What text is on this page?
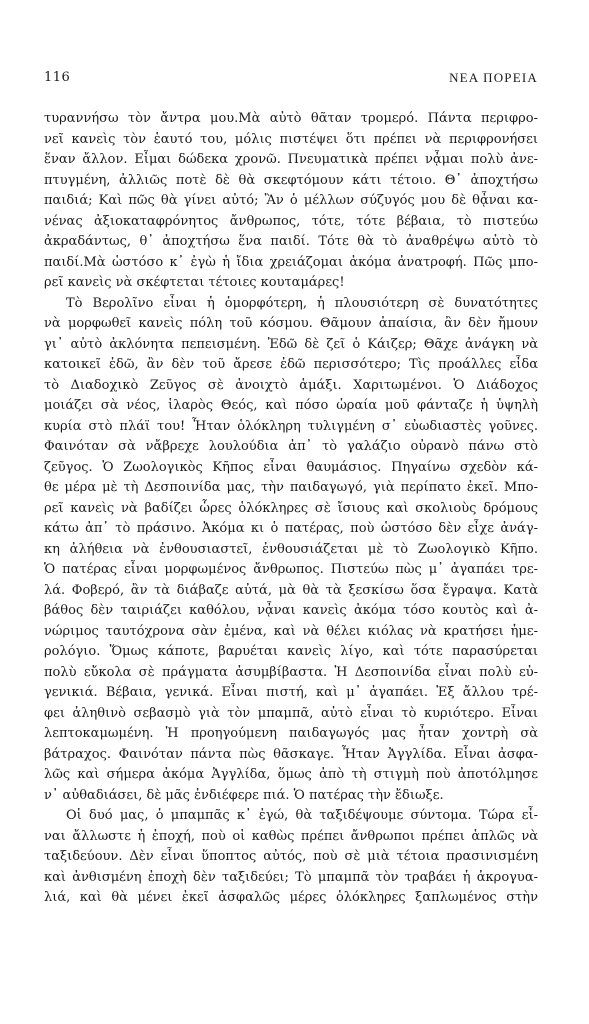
116	ΝΕΑ ΠΟΡΕΙΑ
τυραννήσω τὸν ἄντρα μου.Μὰ αὐτὸ θᾶταν τρομερό. Πάντα περιφρο-
νεῖ κανεὶς τὸν ἑαυτό του, μόλις πιστέψει ὅτι πρέπει νὰ περιφρονήσει
ἕναν ἄλλον. Εἶμαι δώδεκα χρονῶ. Πνευματικὰ πρέπει νᾆμαι πολὺ ἀνε-
πτυγμένη, ἀλλιῶς ποτὲ δὲ θὰ σκεφτόμουν κάτι τέτοιο. Θ᾽ ἀποχτήσω
παιδιά; Καὶ πῶς θὰ γίνει αὐτό; Ἂν ὁ μέλλων σύζυγός μου δὲ θᾆναι κα-
νένας ἀξιοκαταφρόνητος ἄνθρωπος, τότε, τότε βέβαια, τὸ πιστεύω
ἀκραδάντως, θ᾽ ἀποχτήσω ἕνα παιδί. Τότε θὰ τὸ ἀναθρέψω αὐτὸ τὸ
παιδί.Μὰ ὡστόσο κ᾽ ἐγὼ ἡ ἴδια χρειάζομαι ἀκόμα ἀνατροφή. Πῶς μπο-
ρεῖ κανεὶς νὰ σκέφτεται τέτοιες κουταμάρες!
Τὸ Βερολῖνο εἶναι ἡ ὁμορφότερη, ἡ πλουσιότερη σὲ δυνατότητες
νὰ μορφωθεῖ κανεὶς πόλη τοῦ κόσμου. Θᾶμουν ἀπαίσια, ἂν δὲν ἤμουν
γι᾽ αὐτὸ ἀκλόνητα πεπεισμένη. Ἐδῶ δὲ ζεῖ ὁ Κάιζερ; Θᾶχε ἀνάγκη νὰ
κατοικεῖ ἐδῶ, ἂν δὲν τοῦ ἄρεσε ἐδῶ περισσότερο; Τὶς προάλλες εἶδα
τὸ Διαδοχικὸ Ζεῦγος σὲ ἀνοιχτὸ ἁμάξι. Χαριτωμένοι. Ὁ Διάδοχος
μοιάζει σὰ νέος, ἱλαρὸς Θεός, καὶ πόσο ὡραία μοῦ φάνταζε ἡ ὑψηλὴ
κυρία στὸ πλάϊ του! Ἦταν ὁλόκληρη τυλιγμένη σ᾽ εὐωδιαστὲς γοῦνες.
Φαινόταν σὰ νἄβρεχε λουλούδια ἀπ᾽ τὸ γαλάζιο οὐρανὸ πάνω στὸ
ζεῦγος. Ὁ Ζωολογικὸς Κῆπος εἶναι θαυμάσιος. Πηγαίνω σχεδὸν κά-
θε μέρα μὲ τὴ Δεσποινίδα μας, τὴν παιδαγωγό, γιὰ περίπατο ἐκεῖ. Μπο-
ρεῖ κανεὶς νὰ βαδίζει ὧρες ὁλόκληρες σὲ ἴσιους καὶ σκολιοὺς δρόμους
κάτω ἀπ᾽ τὸ πράσινο. Ἀκόμα κι ὁ πατέρας, ποὺ ὡστόσο δὲν εἶχε ἀνάγ-
κη ἀλήθεια νὰ ἐνθουσιαστεῖ, ἐνθουσιάζεται μὲ τὸ Ζωολογικὸ Κῆπο.
Ὁ πατέρας εἶναι μορφωμένος ἄνθρωπος. Πιστεύω πὼς μ᾽ ἀγαπάει τρε-
λά. Φοβερό, ἂν τὰ διάβαζε αὐτά, μὰ θὰ τὰ ξεσκίσω ὅσα ἔγραψα. Κατὰ
βάθος δὲν ταιριάζει καθόλου, νᾆναι κανεὶς ἀκόμα τόσο κουτὸς καὶ ἀ-
νώριμος ταυτόχρονα σὰν ἐμένα, καὶ νὰ θέλει κιόλας νὰ κρατήσει ἡμε-
ρολόγιο. Ὅμως κάποτε, βαρυέται κανεὶς λίγο, καὶ τότε παρασύρεται
πολὺ εὔκολα σὲ πράγματα ἀσυμβίβαστα. Ἡ Δεσποινίδα εἶναι πολὺ εὐ-
γενικιά. Βέβαια, γενικά. Εἶναι πιστή, καὶ μ᾽ ἀγαπάει. Ἐξ ἄλλου τρέ-
φει ἀληθινὸ σεβασμὸ γιὰ τὸν μπαμπᾶ, αὐτὸ εἶναι τὸ κυριότερο. Εἶναι
λεπτοκαμωμένη. Ἡ προηγούμενη παιδαγωγός μας ἦταν χοντρὴ σὰ
βάτραχος. Φαινόταν πάντα πὼς θᾶσκαγε. Ἦταν Ἀγγλίδα. Εἶναι ἀσφα-
λῶς καὶ σήμερα ἀκόμα Ἀγγλίδα, ὅμως ἀπὸ τὴ στιγμὴ ποὺ ἀποτόλμησε
ν᾽ αὐθαδιάσει, δὲ μᾶς ἐνδιέφερε πιά. Ὁ πατέρας τὴν ἔδιωξε.
Οἱ δυό μας, ὁ μπαμπᾶς κ᾽ ἐγώ, θὰ ταξιδέψουμε σύντομα. Τώρα εἶ-
ναι ἄλλωστε ἡ ἐποχή, ποὺ οἱ καθὼς πρέπει ἄνθρωποι πρέπει ἁπλῶς νὰ
ταξιδεύουν. Δὲν εἶναι ὕποπτος αὐτός, ποὺ σὲ μιὰ τέτοια πρασινισμένη
καὶ ἀνθισμένη ἐποχὴ δὲν ταξιδεύει; Τὸ μπαμπᾶ τὸν τραβάει ἡ ἀκρογυα-
λιά, καὶ θὰ μένει ἐκεῖ ἀσφαλῶς μέρες ὁλόκληρες ξαπλωμένος στὴν
